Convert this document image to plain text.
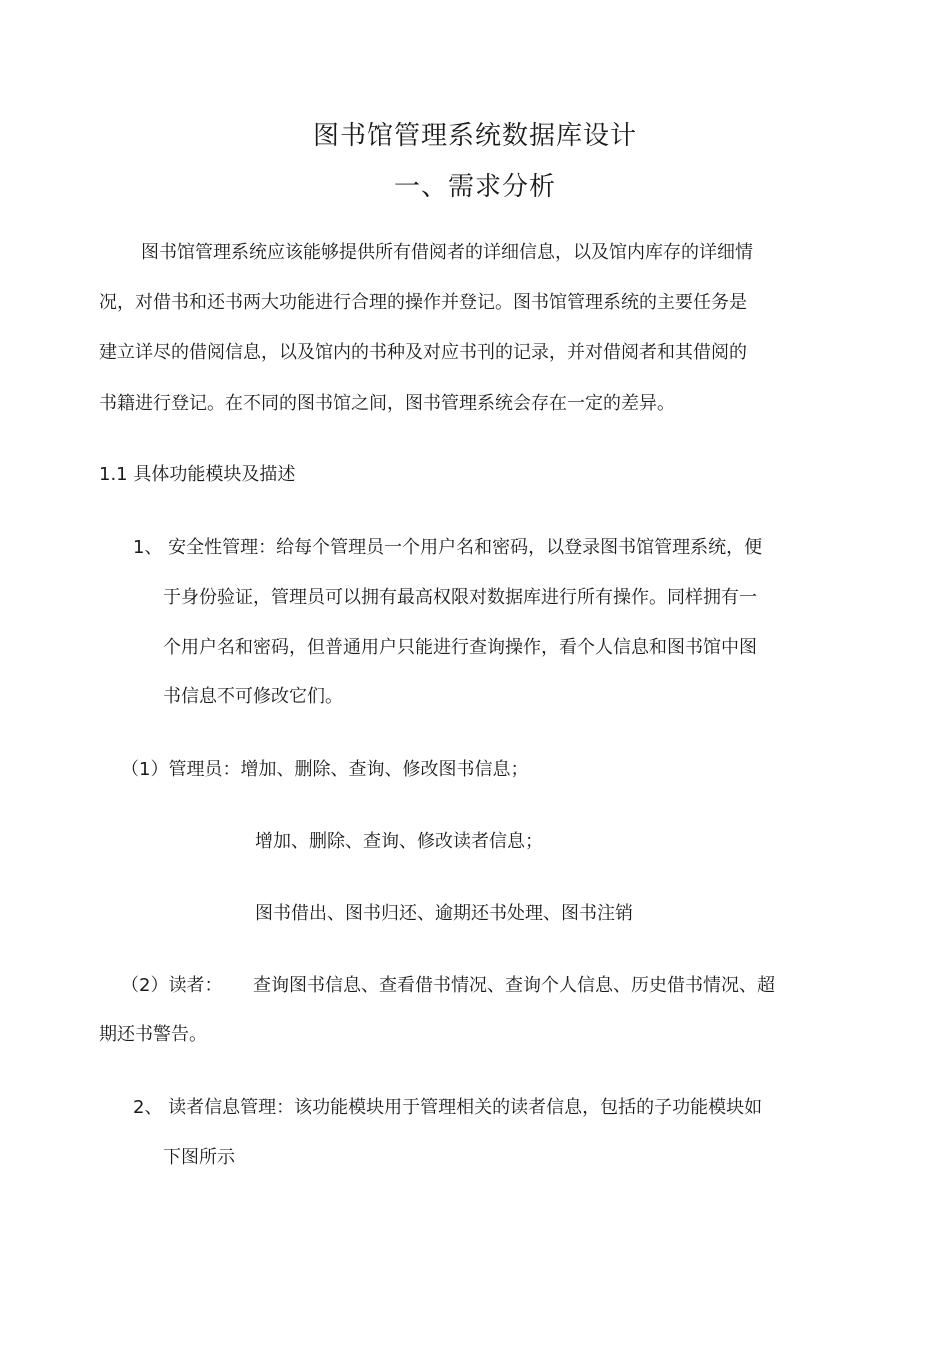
图书馆管理系统数据库设计
一、需求分析
图书馆管理系统应该能够提供所有借阅者的详细信息，以及馆内库存的详细情
况，对借书和还书两大功能进行合理的操作并登记。图书馆管理系统的主要任务是
建立详尽的借阅信息，以及馆内的书种及对应书刊的记录，并对借阅者和其借阅的
书籍进行登记。在不同的图书馆之间，图书管理系统会存在一定的差异。
1.1 具体功能模块及描述
1、 安全性管理：给每个管理员一个用户名和密码，以登录图书馆管理系统，便
于身份验证，管理员可以拥有最高权限对数据库进行所有操作。同样拥有一
个用户名和密码，但普通用户只能进行查询操作，看个人信息和图书馆中图
书信息不可修改它们。
（1）管理员：增加、删除、查询、修改图书信息；
增加、删除、查询、修改读者信息；
图书借出、图书归还、逾期还书处理、图书注销
（2）读者： 查询图书信息、查看借书情况、查询个人信息、历史借书情况、超
期还书警告。
2、 读者信息管理：该功能模块用于管理相关的读者信息，包括的子功能模块如
下图所示
